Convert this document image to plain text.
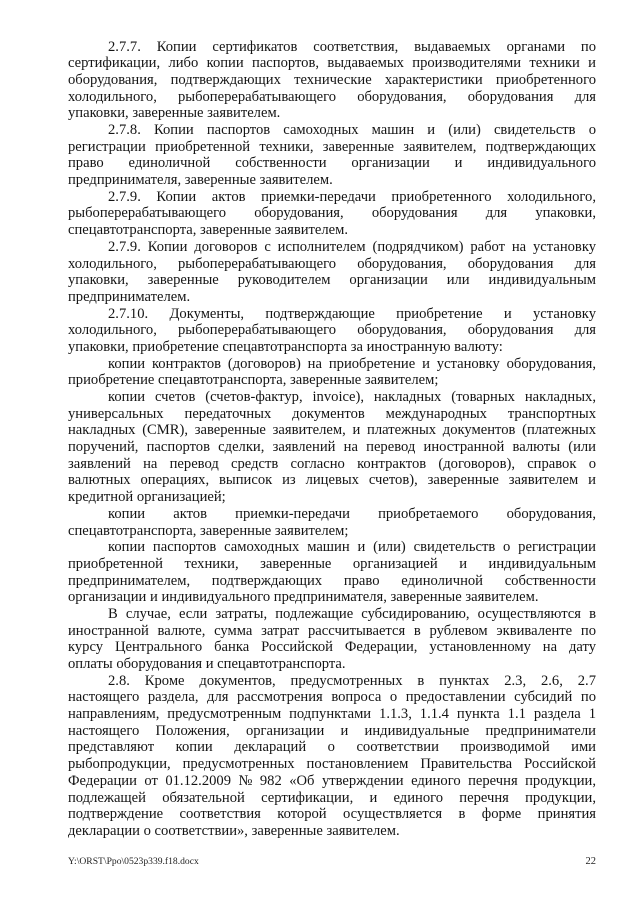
2.7.7. Копии сертификатов соответствия, выдаваемых органами по
сертификации, либо копии паспортов, выдаваемых производителями техники и
оборудования, подтверждающих технические характеристики приобретенного
холодильного, рыбоперерабатывающего оборудования, оборудования для
упаковки, заверенные заявителем.
2.7.8. Копии паспортов самоходных машин и (или) свидетельств о
регистрации приобретенной техники, заверенные заявителем, подтверждающих
право единоличной собственности организации и индивидуального
предпринимателя, заверенные заявителем.
2.7.9. Копии актов приемки-передачи приобретенного холодильного,
рыбоперерабатывающего оборудования, оборудования для упаковки,
спецавтотранспорта, заверенные заявителем.
2.7.9. Копии договоров с исполнителем (подрядчиком) работ на установку
холодильного, рыбоперерабатывающего оборудования, оборудования для
упаковки, заверенные руководителем организации или индивидуальным
предпринимателем.
2.7.10. Документы, подтверждающие приобретение и установку
холодильного, рыбоперерабатывающего оборудования, оборудования для
упаковки, приобретение спецавтотранспорта за иностранную валюту:
копии контрактов (договоров) на приобретение и установку оборудования,
приобретение спецавтотранспорта, заверенные заявителем;
копии счетов (счетов-фактур, invoice), накладных (товарных накладных,
универсальных передаточных документов международных транспортных
накладных (CMR), заверенные заявителем, и платежных документов (платежных
поручений, паспортов сделки, заявлений на перевод иностранной валюты (или
заявлений на перевод средств согласно контрактов (договоров), справок о
валютных операциях, выписок из лицевых счетов), заверенные заявителем и
кредитной организацией;
копии актов приемки-передачи приобретаемого оборудования,
спецавтотранспорта, заверенные заявителем;
копии паспортов самоходных машин и (или) свидетельств о регистрации
приобретенной техники, заверенные организацией и индивидуальным
предпринимателем, подтверждающих право единоличной собственности
организации и индивидуального предпринимателя, заверенные заявителем.
В случае, если затраты, подлежащие субсидированию, осуществляются в
иностранной валюте, сумма затрат рассчитывается в рублевом эквиваленте по
курсу Центрального банка Российской Федерации, установленному на дату
оплаты оборудования и спецавтотранспорта.
2.8. Кроме документов, предусмотренных в пунктах 2.3, 2.6, 2.7
настоящего раздела, для рассмотрения вопроса о предоставлении субсидий по
направлениям, предусмотренным подпунктами 1.1.3, 1.1.4 пункта 1.1 раздела 1
настоящего Положения, организации и индивидуальные предприниматели
представляют копии деклараций о соответствии производимой ими
рыбопродукции, предусмотренных постановлением Правительства Российской
Федерации от 01.12.2009 № 982 «Об утверждении единого перечня продукции,
подлежащей обязательной сертификации, и единого перечня продукции,
подтверждение соответствия которой осуществляется в форме принятия
декларации о соответствии», заверенные заявителем.
Y:\ORST\Ppo\0523p339.f18.docx	22
